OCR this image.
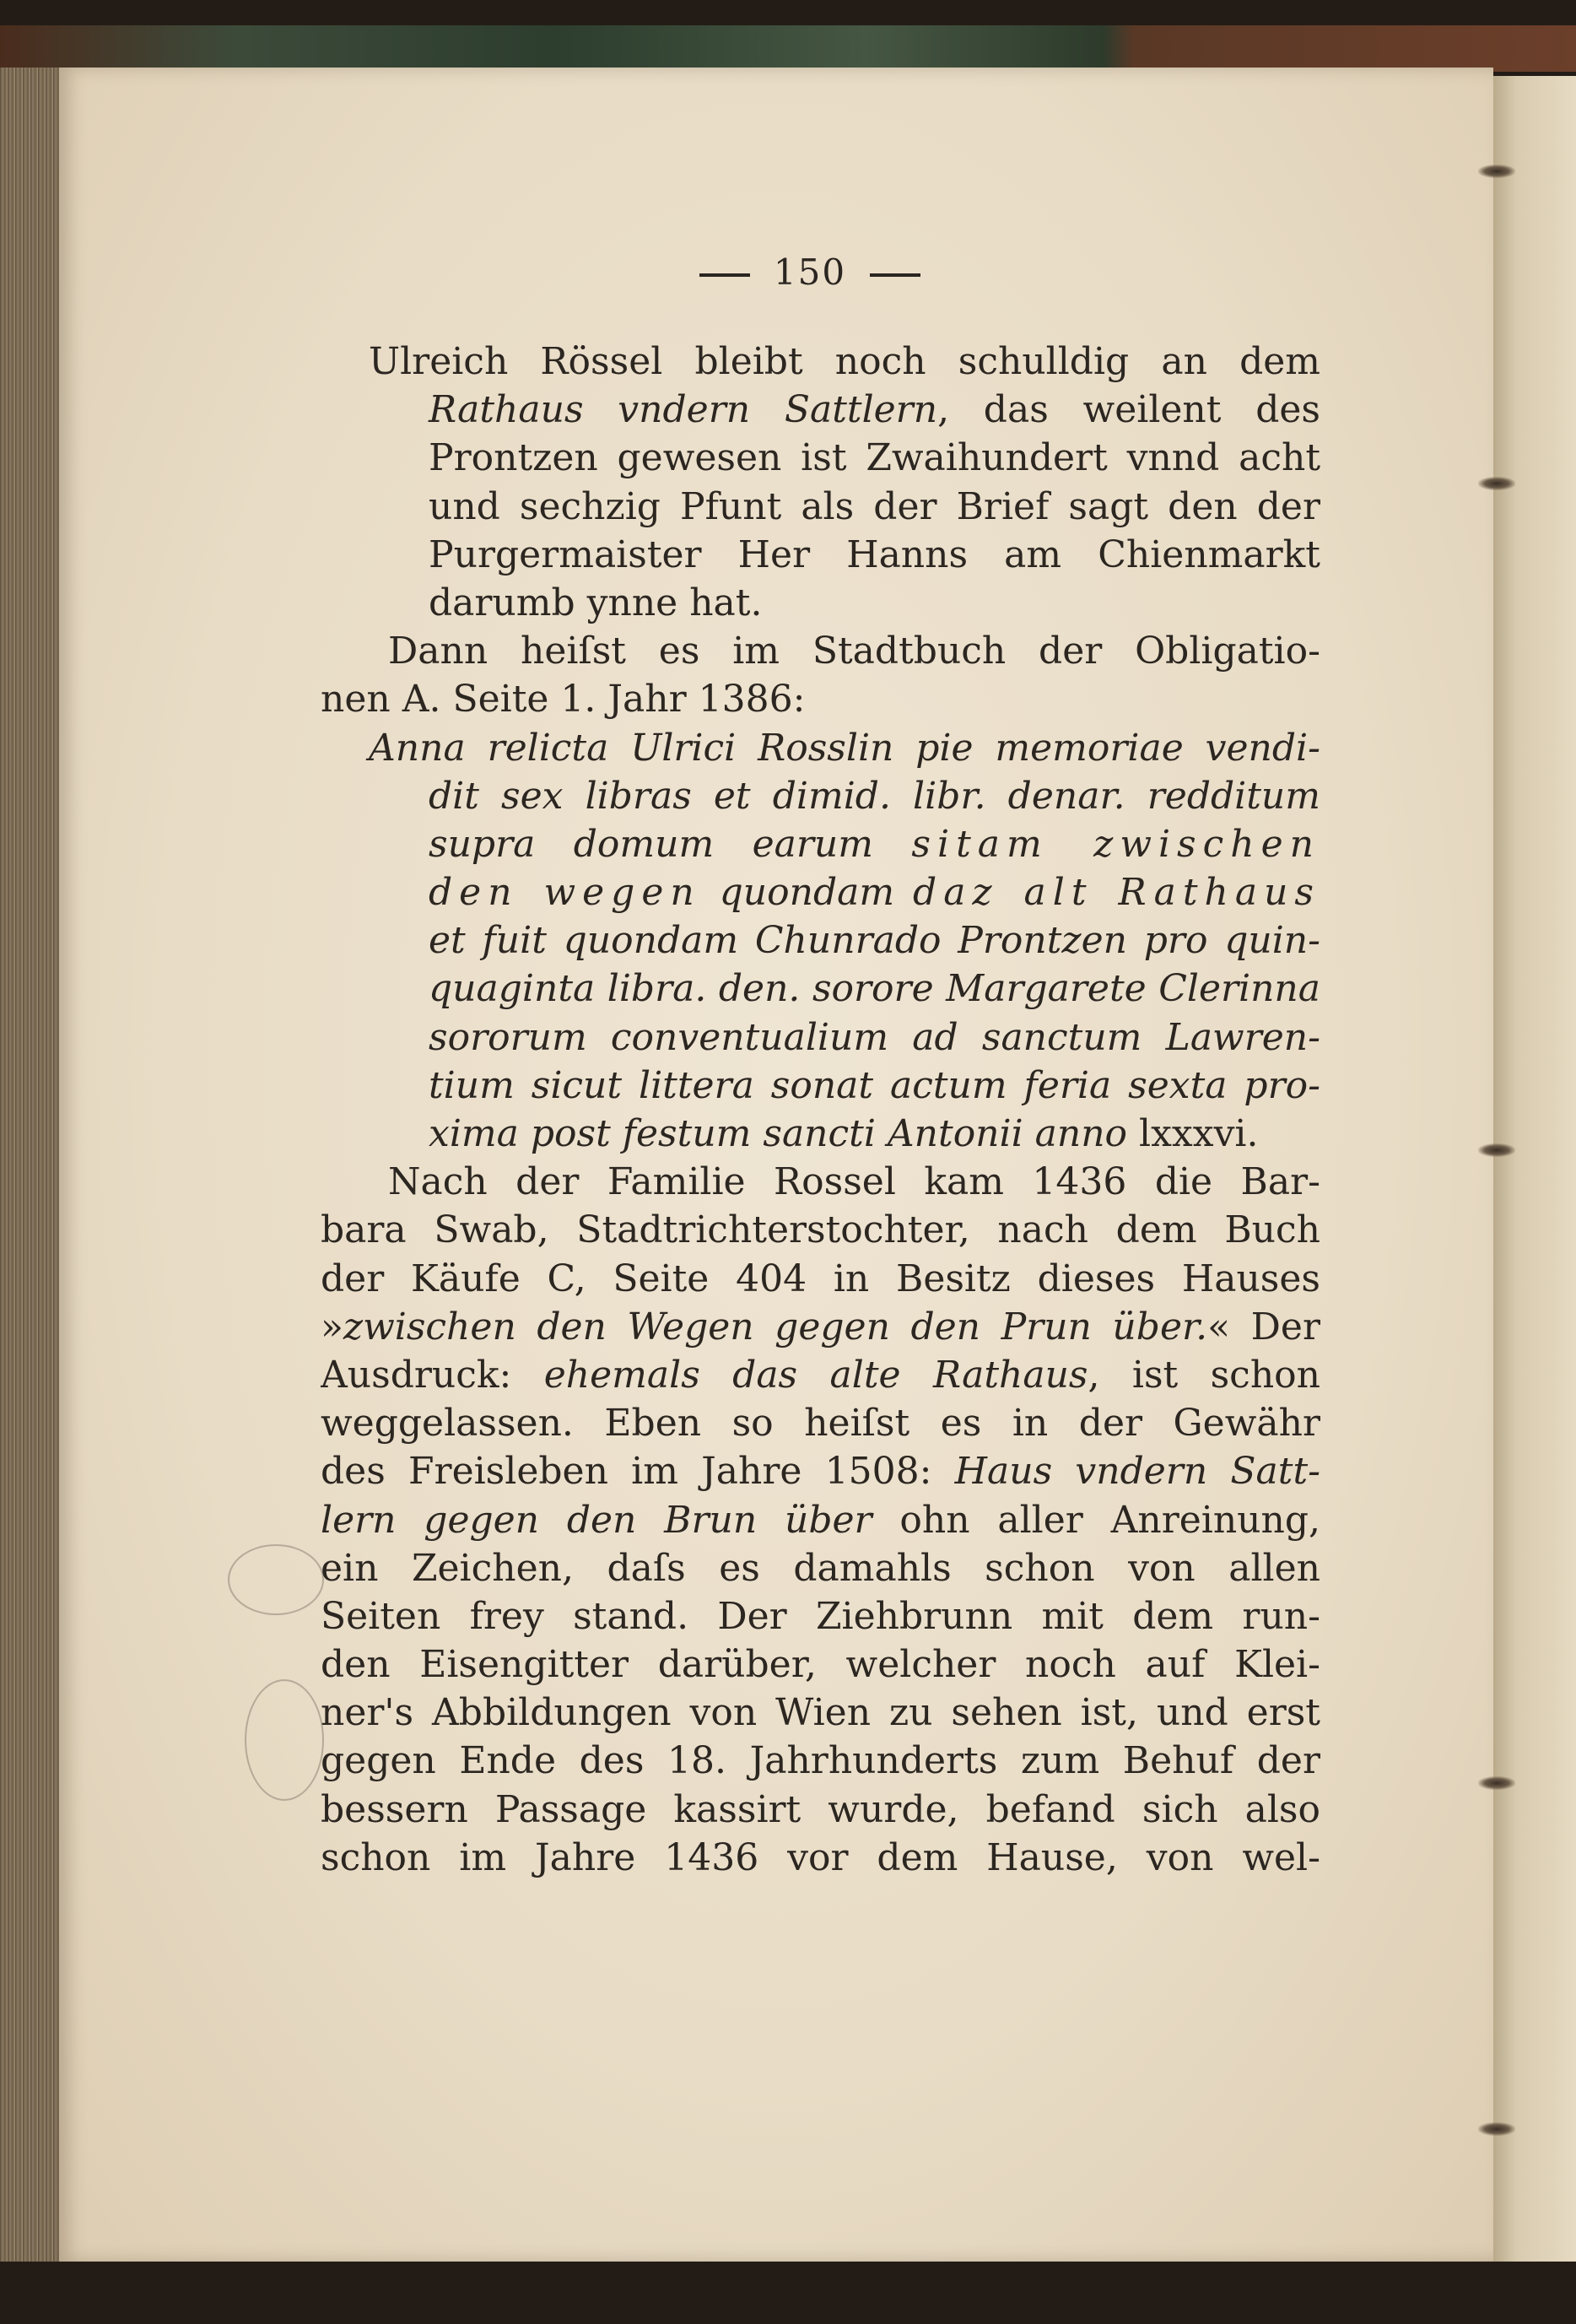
150
Ulreich Rössel bleibt noch schulldig an dem
Rathaus vndern Sattlern, das weilent des
Prontzen gewesen ist Zwaihundert vnnd acht
und sechzig Pfunt als der Brief sagt den der
Purgermaister Her Hanns am Chienmarkt
darumb ynne hat.
Dann heiſst es im Stadtbuch der Obligatio-
nen A. Seite 1. Jahr 1386:
Anna relicta Ulrici Rosslin pie memoriae vendi-
dit sex libras et dimid. libr. denar. redditum
supra domum earum sitam zwischen
den wegen quondam daz alt Rathaus
et fuit quondam Chunrado Prontzen pro quin-
quaginta libra. den. sorore Margarete Clerinna
sororum conventualium ad sanctum Lawren-
tium sicut littera sonat actum feria sexta pro-
xima post festum sancti Antonii anno lxxxvi.
Nach der Familie Rossel kam 1436 die Bar-
bara Swab, Stadtrichterstochter, nach dem Buch
der Käufe C, Seite 404 in Besitz dieses Hauses
»zwischen den Wegen gegen den Prun über.« Der
Ausdruck: ehemals das alte Rathaus, ist schon
weggelassen. Eben so heiſst es in der Gewähr
des Freisleben im Jahre 1508: Haus vndern Satt-
lern gegen den Brun über ohn aller Anreinung,
ein Zeichen, daſs es damahls schon von allen
Seiten frey stand. Der Ziehbrunn mit dem run-
den Eisengitter darüber, welcher noch auf Klei-
ner's Abbildungen von Wien zu sehen ist, und erst
gegen Ende des 18. Jahrhunderts zum Behuf der
bessern Passage kassirt wurde, befand sich also
schon im Jahre 1436 vor dem Hause, von wel-
